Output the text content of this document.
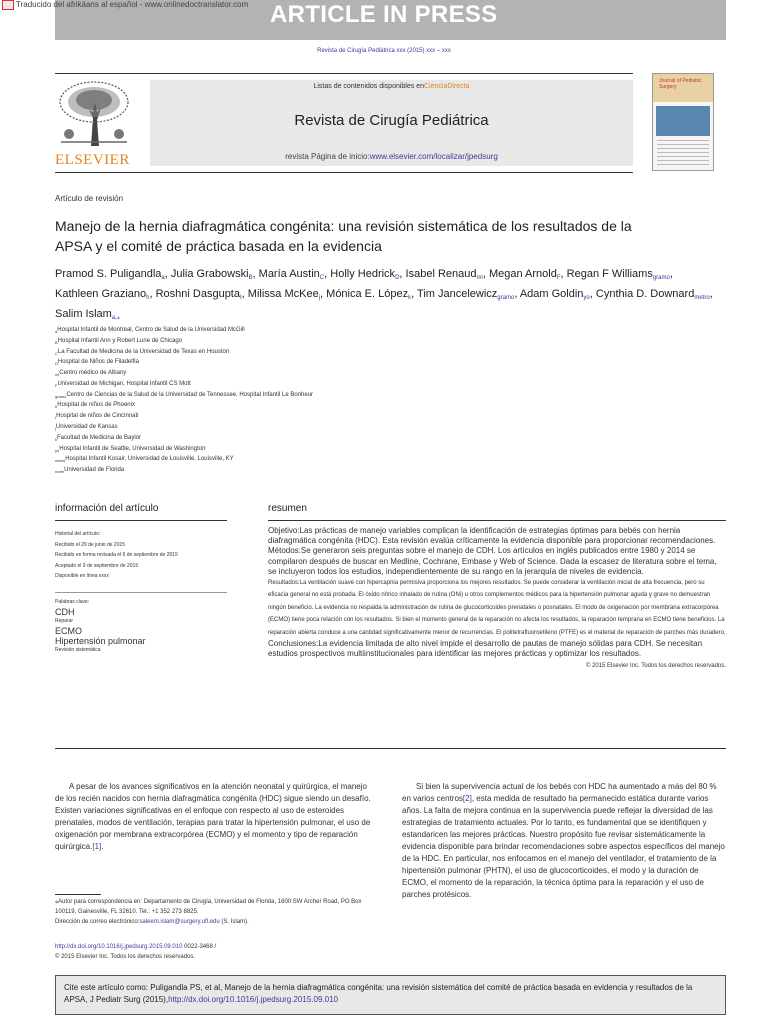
Traducido del afrikáans al español - www.onlinedoctranslator.com ARTICLE IN PRESS
Revista de Cirugía Pediátrica xxx (2015) xxx – xxx
ELSEVIER
Listas de contenidos disponibles enCienciaDirecta
Revista de Cirugía Pediátrica
revista Página de inicio:www.elsevier.com/localizar/jpedsurg
Journal of Pediatric Surgery
Artículo de revisión
Manejo de la hernia diafragmática congénita: una revisión sistemática de los resultados de la APSA y el comité de práctica basada en la evidencia
Pramod S. Puligandla$_a$, Julia Grabowski$_B$, María Austin$_C$, Holly Hedrick$_D$, Isabel Renaud$_{mi}$, Megan Arnold$_F$, Regan F Williams$_{gramo}$, Kathleen Graziano$_h$, Roshni Dasgupta$_I$, Milissa McKee$_j$, Mónica E. López$_k$, Tim Jancelewicz$_{gramo}$, Adam Goldin$_{yo}$, Cynthia D. Downard$_{metro}$, Salim Islam$_{a,⁎}$
$_a$Hospital Infantil de Montreal, Centro de Salud de la Universidad McGill
$_B$Hospital Infantil Ann y Robert Lurie de Chicago
$_C$La Facultad de Medicina de la Universidad de Texas en Houston
$_D$Hospital de Niños de Filadelfia
$_{mi}$Centro médico de Albany
$_F$Universidad de Michigan, Hospital Infantil CS Mott
$_{gramo}$Centro de Ciencias de la Salud de la Universidad de Tennessee, Hospital Infantil Le Bonheur
$_h$Hospital de niños de Phoenix
$_I$Hospital de niños de Cincinnati
$_j$Universidad de Kansas
$_k$Facultad de Medicina de Baylor
$_{yo}$Hospital Infantil de Seattle, Universidad de Washington
$_{metro}$Hospital Infantil Kosair, Universidad de Louisville, Louisville, KY
$_{norte}$Universidad de Florida
información del artículo
Historial del artículo:
Recibido el 29 de junio de 2015
Recibido en forma revisada el 6 de septiembre de 2015
Aceptado el 9 de septiembre de 2015
Disponible en línea xxxx
Palabras clave:
CDH
Reparar
ECMO
Hipertensión pulmonar
Revisión sistemática
resumen

Objetivo:Las prácticas de manejo variables complican la identificación de estrategias óptimas para bebés con hernia diafragmática congénita (HDC). Esta revisión evalúa críticamente la evidencia disponible para proporcionar recomendaciones.

Métodos:Se generaron seis preguntas sobre el manejo de CDH. Los artículos en inglés publicados entre 1980 y 2014 se compilaron después de buscar en Medline, Cochrane, Embase y Web of Science. Dada la escasez de literatura sobre el tema, se incluyeron todos los estudios, independientemente de su rango en la jerarquía de niveles de evidencia.

Resultados:La ventilación suave con hipercapnia permisiva proporciona los mejores resultados. Se puede considerar la ventilación inicial de alta frecuencia, pero su eficacia general no está probada. El óxido nítrico inhalado de rutina (ONi) u otros complementos médicos para la hipertensión pulmonar aguda y grave no demuestran ningún beneficio. La evidencia no respalda la administración de rutina de glucocorticoides prenatales o posnatales. El modo de oxigenación por membrana extracorpórea (ECMO) tiene poca relación con los resultados. Si bien el momento general de la reparación no afecta los resultados, la reparación temprana en ECMO tiene beneficios. La reparación abierta conduce a una cantidad significativamente menor de recurrencias. El politetrafluoroetileno (PTFE) es el material de reparación de parches más duradero.

Conclusiones:La evidencia limitada de alto nivel impide el desarrollo de pautas de manejo sólidas para CDH. Se necesitan estudios prospectivos multiinstitucionales para identificar las mejores prácticas y optimizar los resultados.

© 2015 Elsevier Inc. Todos los derechos reservados.

A pesar de los avances significativos en la atención neonatal y quirúrgica, el manejo de los recién nacidos con hernia diafragmática congénita (HDC) sigue siendo un desafío. Existen variaciones significativas en el enfoque con respecto al uso de esteroides prenatales, modos de ventilación, terapias para tratar la hipertensión pulmonar, el uso de oxigenación por membrana extracorpórea (ECMO) y el momento y tipo de reparación quirúrgica.[1].
Si bien la supervivencia actual de los bebés con HDC ha aumentado a más del 80 % en varios centros[2], esta medida de resultado ha permanecido estática durante varios años. La falta de mejora continua en la supervivencia puede reflejar la diversidad de las estrategias de tratamiento actuales. Por lo tanto, es fundamental que se identifiquen y estandaricen las mejores prácticas. Nuestro propósito fue revisar sistemáticamente la evidencia disponible para brindar recomendaciones sobre aspectos específicos del manejo de la HDC. En particular, nos enfocamos en el manejo del ventilador, el tratamiento de la hipertensión pulmonar (PHTN), el uso de glucocorticoides, el modo y la duración de ECMO, el momento de la reparación, la técnica óptima para la reparación y el uso de parches protésicos.
⁎Autor para correspondencia en: Departamento de Cirugía, Universidad de Florida, 1600 SW Archer Road, PO Box 100119, Gainesville, FL 32610. Tel.: +1 352 273 8825.
Dirección de correo electrónico:saleem.islam@surgery.ufl.edu (S. Islam).
http://dx.doi.org/10.1016/j.jpedsurg.2015.09.010 0022-3468 /
© 2015 Elsevier Inc. Todos los derechos reservados.
Cite este artículo como: Puligandla PS, et al, Manejo de la hernia diafragmática congénita: una revisión sistemática del comité de práctica basada en evidencia y resultados de la APSA, J Pediatr Surg (2015),http://dx.doi.org/10.1016/j.jpedsurg.2015.09.010
